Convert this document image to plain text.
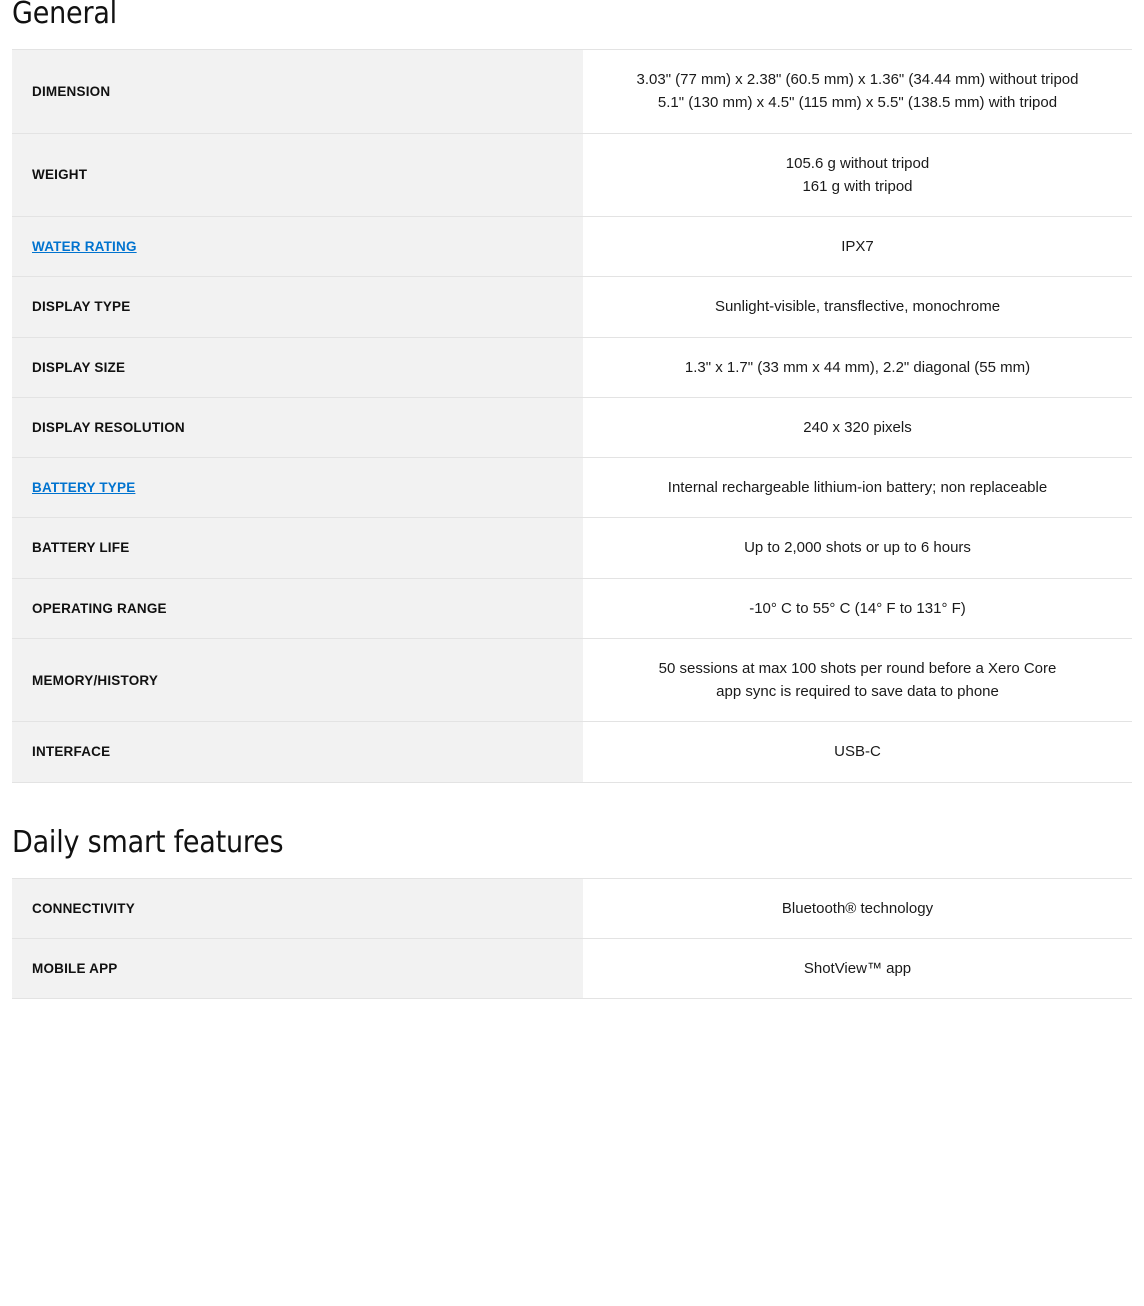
General
DIMENSION	3.03" (77 mm) x 2.38" (60.5 mm) x 1.36" (34.44 mm) without tripod
5.1" (130 mm) x 4.5" (115 mm) x 5.5" (138.5 mm) with tripod

WEIGHT	105.6 g without tripod
161 g with tripod

WATER RATING	IPX7

DISPLAY TYPE	Sunlight-visible, transflective, monochrome

DISPLAY SIZE	1.3" x 1.7" (33 mm x 44 mm), 2.2" diagonal (55 mm)

DISPLAY RESOLUTION	240 x 320 pixels

BATTERY TYPE	Internal rechargeable lithium-ion battery; non replaceable

BATTERY LIFE	Up to 2,000 shots or up to 6 hours

OPERATING RANGE	-10° C to 55° C (14° F to 131° F)

MEMORY/HISTORY	50 sessions at max 100 shots per round before a Xero Core
app sync is required to save data to phone

INTERFACE	USB-C
Daily smart features
CONNECTIVITY	Bluetooth® technology

MOBILE APP	ShotView™ app
